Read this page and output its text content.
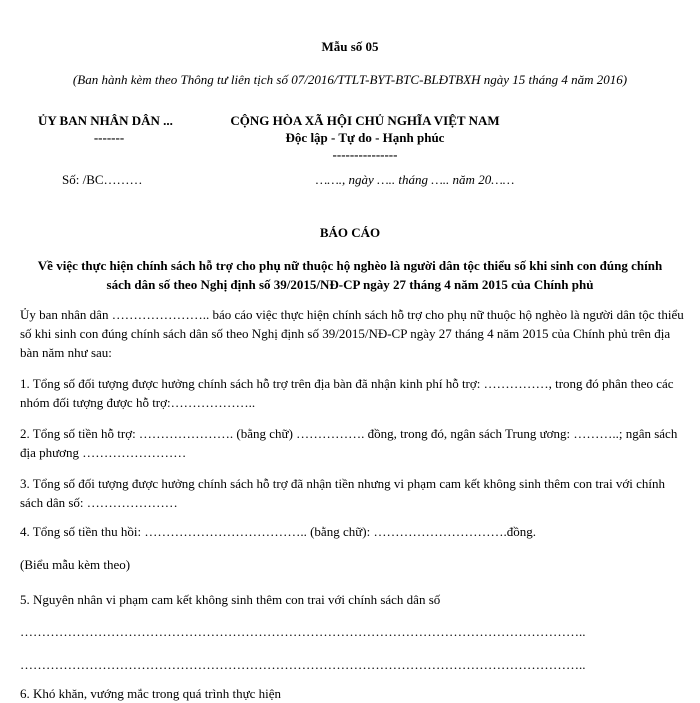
Mẫu số 05
(Ban hành kèm theo Thông tư liên tịch số 07/2016/TTLT-BYT-BTC-BLĐTBXH ngày 15 tháng 4 năm 2016)
ỦY BAN NHÂN DÂN ...
-------
CỘNG HÒA XÃ HỘI CHỦ NGHĨA VIỆT NAM
Độc lập - Tự do - Hạnh phúc
---------------
Số: /BC………	……., ngày ….. tháng ….. năm 20……
BÁO CÁO
Về việc thực hiện chính sách hỗ trợ cho phụ nữ thuộc hộ nghèo là người dân tộc thiểu số khi sinh con đúng chính
sách dân số theo Nghị định số 39/2015/NĐ-CP ngày 27 tháng 4 năm 2015 của Chính phủ
Ủy ban nhân dân ………………….. báo cáo việc thực hiện chính sách hỗ trợ cho phụ nữ thuộc hộ nghèo là người dân tộc thiểu số khi sinh con đúng chính sách dân số theo Nghị định số 39/2015/NĐ-CP ngày 27 tháng 4 năm 2015 của Chính phủ trên địa bàn năm như sau:
1. Tổng số đối tượng được hưởng chính sách hỗ trợ trên địa bàn đã nhận kinh phí hỗ trợ: ……………, trong đó phân theo các nhóm đối tượng được hỗ trợ:………………..
2. Tổng số tiền hỗ trợ: …………………. (bằng chữ) ……………. đồng, trong đó, ngân sách Trung ương: ………..; ngân sách địa phương ……………………
3. Tổng số đối tượng được hưởng chính sách hỗ trợ đã nhận tiền nhưng vi phạm cam kết không sinh thêm con trai với chính sách dân số: …………………
4. Tổng số tiền thu hồi: ……………………………….. (bằng chữ): ………………………….đồng.
(Biểu mẫu kèm theo)
5. Nguyên nhân vi phạm cam kết không sinh thêm con trai với chính sách dân số
…………………………………………………………………………………………………………………..
…………………………………………………………………………………………………………………..
6. Khó khăn, vướng mắc trong quá trình thực hiện
